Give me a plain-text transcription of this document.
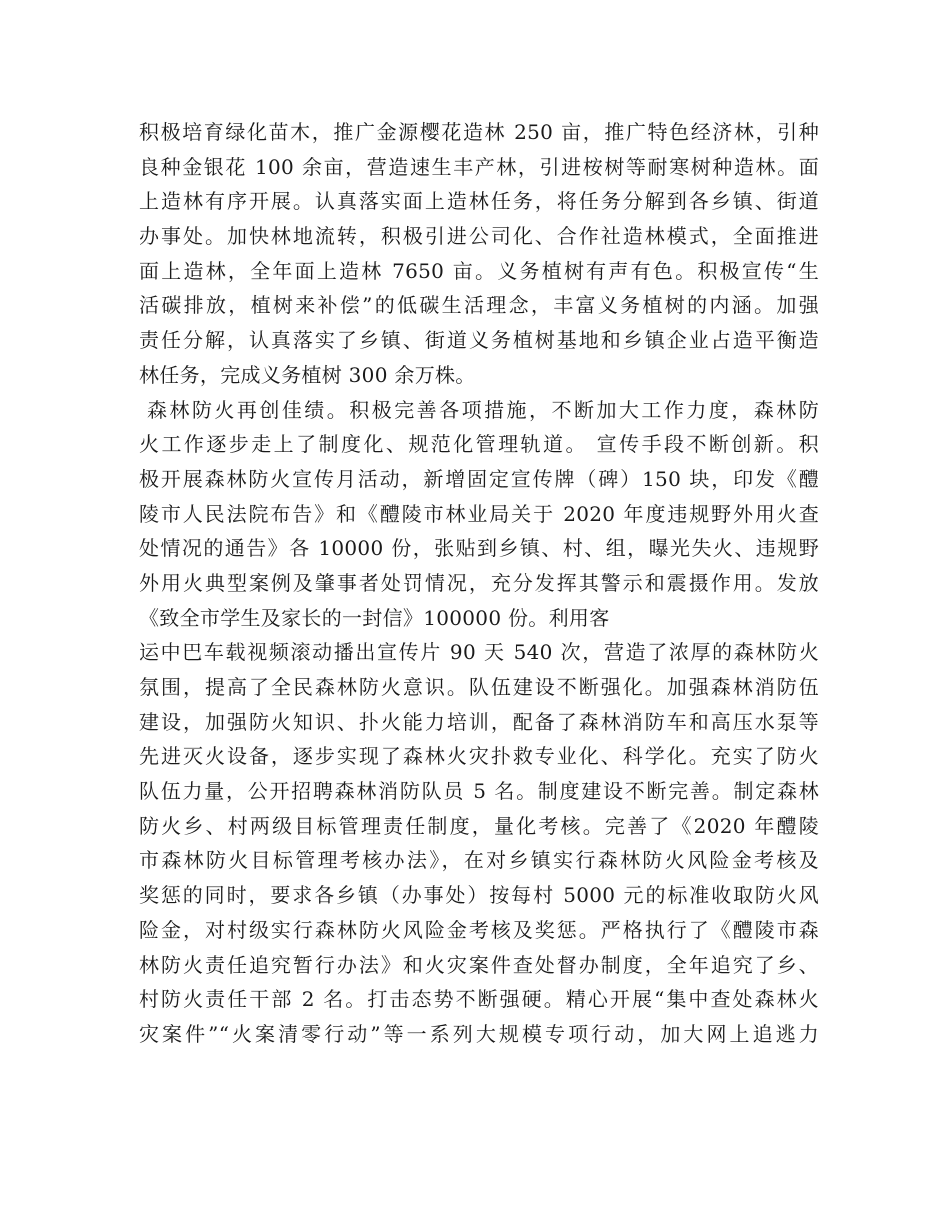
积极培育绿化苗木，推广金源樱花造林 250 亩，推广特色经济林，引种
良种金银花 100 余亩，营造速生丰产林，引进桉树等耐寒树种造林。面
上造林有序开展。认真落实面上造林任务，将任务分解到各乡镇、街道
办事处。加快林地流转，积极引进公司化、合作社造林模式，全面推进
面上造林，全年面上造林 7650 亩。义务植树有声有色。积极宣传“生
活碳排放，植树来补偿”的低碳生活理念，丰富义务植树的内涵。加强
责任分解，认真落实了乡镇、街道义务植树基地和乡镇企业占造平衡造
林任务，完成义务植树 300 余万株。
森林防火再创佳绩。积极完善各项措施，不断加大工作力度，森林防
火工作逐步走上了制度化、规范化管理轨道。 宣传手段不断创新。积
极开展森林防火宣传月活动，新增固定宣传牌（碑）150 块，印发《醴
陵市人民法院布告》和《醴陵市林业局关于 2020 年度违规野外用火查
处情况的通告》各 10000 份，张贴到乡镇、村、组，曝光失火、违规野
外用火典型案例及肇事者处罚情况，充分发挥其警示和震摄作用。发放
《致全市学生及家长的一封信》100000 份。利用客
运中巴车载视频滚动播出宣传片 90 天 540 次，营造了浓厚的森林防火
氛围，提高了全民森林防火意识。队伍建设不断强化。加强森林消防伍
建设，加强防火知识、扑火能力培训，配备了森林消防车和高压水泵等
先进灭火设备，逐步实现了森林火灾扑救专业化、科学化。充实了防火
队伍力量，公开招聘森林消防队员 5 名。制度建设不断完善。制定森林
防火乡、村两级目标管理责任制度，量化考核。完善了《2020 年醴陵
市森林防火目标管理考核办法》，在对乡镇实行森林防火风险金考核及
奖惩的同时，要求各乡镇（办事处）按每村 5000 元的标准收取防火风
险金，对村级实行森林防火风险金考核及奖惩。严格执行了《醴陵市森
林防火责任追究暂行办法》和火灾案件查处督办制度，全年追究了乡、
村防火责任干部 2 名。打击态势不断强硬。精心开展“集中查处森林火
灾案件”“火案清零行动”等一系列大规模专项行动，加大网上追逃力
